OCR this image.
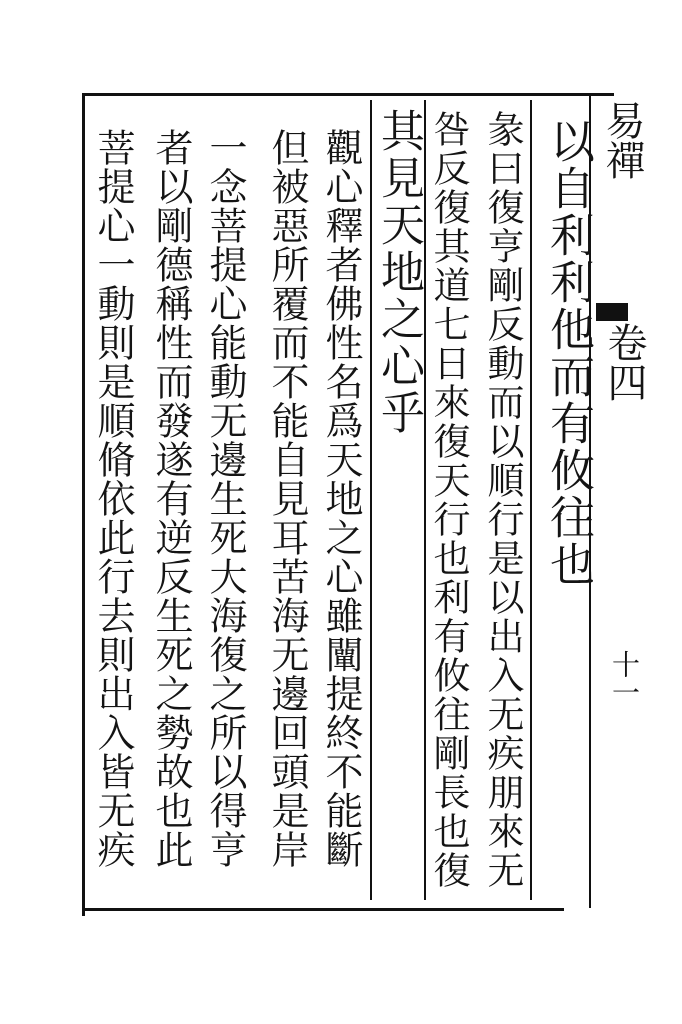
易禪
卷四
十一
以自利利他而有攸往也
彖曰復亨剛反動而以順行是以出入无疾朋來无
咎反復其道七日來復天行也利有攸往剛長也復
其見天地之心乎
觀心釋者佛性名爲天地之心雖闡提終不能斷
但被惡所覆而不能自見耳苦海无邊回頭是岸
一念菩提心能動无邊生死大海復之所以得亨
者以剛德稱性而發遂有逆反生死之勢故也此
菩提心一動則是順脩依此行去則出入皆无疾
